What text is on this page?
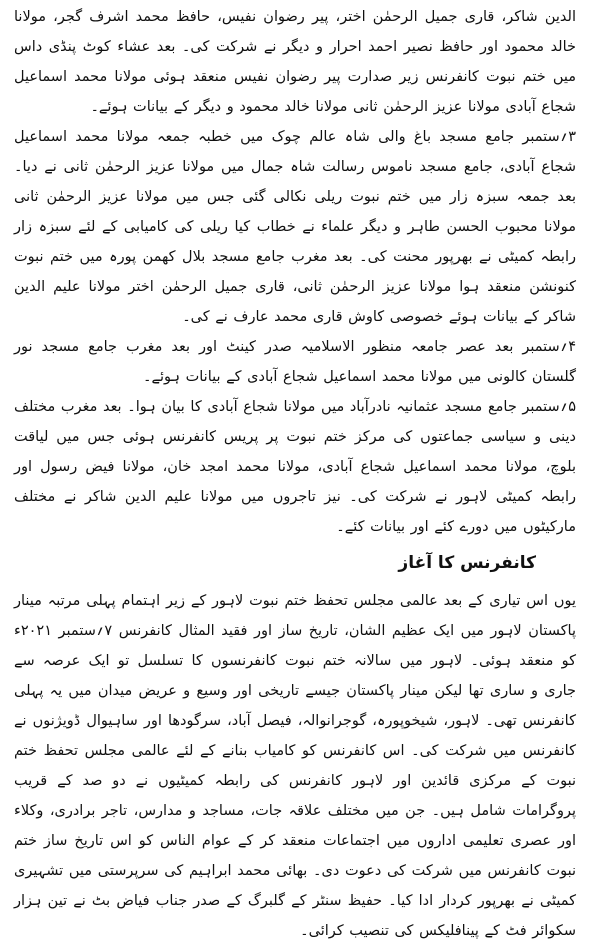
الدین شاکر، قاری جمیل الرحمٰن اختر، پیر رضوان نفیس، حافظ محمد اشرف گجر، مولانا خالد محمود اور حافظ نصیر احمد احرار و دیگر نے شرکت کی۔ بعد عشاء کوٹ پنڈی داس میں ختم نبوت کانفرنس زیر صدارت پیر رضوان نفیس منعقد ہوئی مولانا محمد اسماعیل شجاع آبادی مولانا عزیز الرحمٰن ثانی مولانا خالد محمود و دیگر کے بیانات ہوئے۔

۳؍ستمبر جامع مسجد باغ والی شاہ عالم چوک میں خطبہ جمعہ مولانا محمد اسماعیل شجاع آبادی، جامع مسجد ناموس رسالت شاہ جمال میں مولانا عزیز الرحمٰن ثانی نے دیا۔ بعد جمعہ سبزہ زار میں ختم نبوت ریلی نکالی گئی جس میں مولانا عزیز الرحمٰن ثانی مولانا محبوب الحسن طاہر و دیگر علماء نے خطاب کیا ریلی کی کامیابی کے لئے سبزہ زار رابطہ کمیٹی نے بھرپور محنت کی۔ بعد مغرب جامع مسجد بلال کھمن پورہ میں ختم نبوت کنونشن منعقد ہوا مولانا عزیز الرحمٰن ثانی، قاری جمیل الرحمٰن اختر مولانا علیم الدین شاکر کے بیانات ہوئے خصوصی کاوش قاری محمد عارف نے کی۔

۴؍ستمبر بعد عصر جامعہ منظور الاسلامیہ صدر کینٹ اور بعد مغرب جامع مسجد نور گلستان کالونی میں مولانا محمد اسماعیل شجاع آبادی کے بیانات ہوئے۔

۵؍ستمبر جامع مسجد عثمانیہ نادرآباد میں مولانا شجاع آبادی کا بیان ہوا۔ بعد مغرب مختلف دینی و سیاسی جماعتوں کی مرکز ختم نبوت پر پریس کانفرنس ہوئی جس میں لیاقت بلوچ، مولانا محمد اسماعیل شجاع آبادی، مولانا محمد امجد خان، مولانا فیض رسول اور رابطہ کمیٹی لاہور نے شرکت کی۔ نیز تاجروں میں مولانا علیم الدین شاکر نے مختلف مارکیٹوں میں دورے کئے اور بیانات کئے۔

کانفرنس کا آغاز

یوں اس تیاری کے بعد عالمی مجلس تحفظ ختم نبوت لاہور کے زیر اہتمام پہلی مرتبہ مینار پاکستان لاہور میں ایک عظیم الشان، تاریخ ساز اور فقید المثال کانفرنس ۷؍ستمبر ۲۰۲۱ء کو منعقد ہوئی۔ لاہور میں سالانہ ختم نبوت کانفرنسوں کا تسلسل تو ایک عرصہ سے جاری و ساری تھا لیکن مینار پاکستان جیسے تاریخی اور وسیع و عریض میدان میں یہ پہلی کانفرنس تھی۔ لاہور، شیخوپورہ، گوجرانوالہ، فیصل آباد، سرگودھا اور ساہیوال ڈویژنوں نے کانفرنس میں شرکت کی۔ اس کانفرنس کو کامیاب بنانے کے لئے عالمی مجلس تحفظ ختم نبوت کے مرکزی قائدین اور لاہور کانفرنس کی رابطہ کمیٹیوں نے دو صد کے قریب پروگرامات شامل ہیں۔ جن میں مختلف علاقہ جات، مساجد و مدارس، تاجر برادری، وکلاء اور عصری تعلیمی اداروں میں اجتماعات منعقد کر کے عوام الناس کو اس تاریخ ساز ختم نبوت کانفرنس میں شرکت کی دعوت دی۔ بھائی محمد ابراہیم کی سرپرستی میں تشہیری کمیٹی نے بھرپور کردار ادا کیا۔ حفیظ سنٹر کے گلبرگ کے صدر جناب فیاض بٹ نے تین ہزار سکوائر فٹ کے پینافلیکس کی تنصیب کرائی۔
